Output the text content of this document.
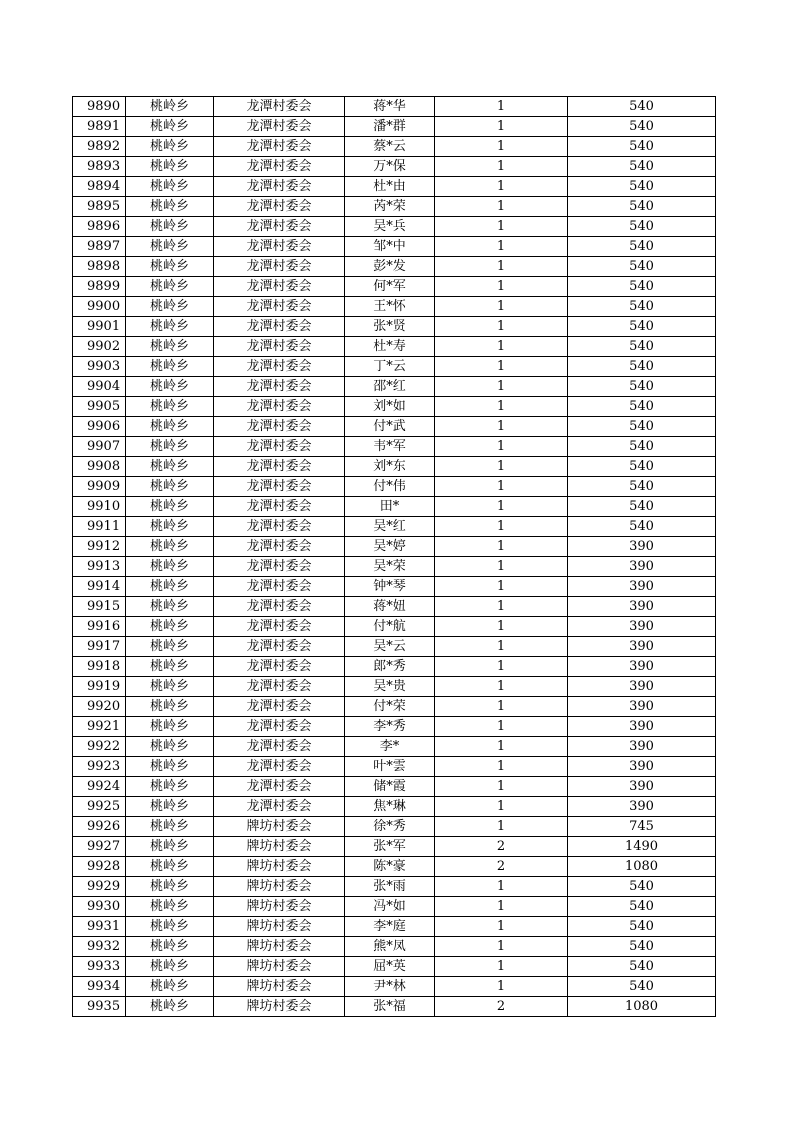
9890	桃岭乡	龙潭村委会	蒋*华	1	540
9891	桃岭乡	龙潭村委会	潘*群	1	540
9892	桃岭乡	龙潭村委会	蔡*云	1	540
9893	桃岭乡	龙潭村委会	万*保	1	540
9894	桃岭乡	龙潭村委会	杜*由	1	540
9895	桃岭乡	龙潭村委会	芮*荣	1	540
9896	桃岭乡	龙潭村委会	吴*兵	1	540
9897	桃岭乡	龙潭村委会	邹*中	1	540
9898	桃岭乡	龙潭村委会	彭*发	1	540
9899	桃岭乡	龙潭村委会	何*军	1	540
9900	桃岭乡	龙潭村委会	王*怀	1	540
9901	桃岭乡	龙潭村委会	张*贤	1	540
9902	桃岭乡	龙潭村委会	杜*寿	1	540
9903	桃岭乡	龙潭村委会	丁*云	1	540
9904	桃岭乡	龙潭村委会	邵*红	1	540
9905	桃岭乡	龙潭村委会	刘*如	1	540
9906	桃岭乡	龙潭村委会	付*武	1	540
9907	桃岭乡	龙潭村委会	韦*军	1	540
9908	桃岭乡	龙潭村委会	刘*东	1	540
9909	桃岭乡	龙潭村委会	付*伟	1	540
9910	桃岭乡	龙潭村委会	田*	1	540
9911	桃岭乡	龙潭村委会	吴*红	1	540
9912	桃岭乡	龙潭村委会	吴*婷	1	390
9913	桃岭乡	龙潭村委会	吴*荣	1	390
9914	桃岭乡	龙潭村委会	钟*琴	1	390
9915	桃岭乡	龙潭村委会	蒋*妞	1	390
9916	桃岭乡	龙潭村委会	付*航	1	390
9917	桃岭乡	龙潭村委会	吴*云	1	390
9918	桃岭乡	龙潭村委会	郎*秀	1	390
9919	桃岭乡	龙潭村委会	吴*贵	1	390
9920	桃岭乡	龙潭村委会	付*荣	1	390
9921	桃岭乡	龙潭村委会	李*秀	1	390
9922	桃岭乡	龙潭村委会	李*	1	390
9923	桃岭乡	龙潭村委会	叶*雲	1	390
9924	桃岭乡	龙潭村委会	储*霞	1	390
9925	桃岭乡	龙潭村委会	焦*琳	1	390
9926	桃岭乡	牌坊村委会	徐*秀	1	745
9927	桃岭乡	牌坊村委会	张*军	2	1490
9928	桃岭乡	牌坊村委会	陈*豪	2	1080
9929	桃岭乡	牌坊村委会	张*雨	1	540
9930	桃岭乡	牌坊村委会	冯*如	1	540
9931	桃岭乡	牌坊村委会	李*庭	1	540
9932	桃岭乡	牌坊村委会	熊*凤	1	540
9933	桃岭乡	牌坊村委会	屈*英	1	540
9934	桃岭乡	牌坊村委会	尹*林	1	540
9935	桃岭乡	牌坊村委会	张*福	2	1080
